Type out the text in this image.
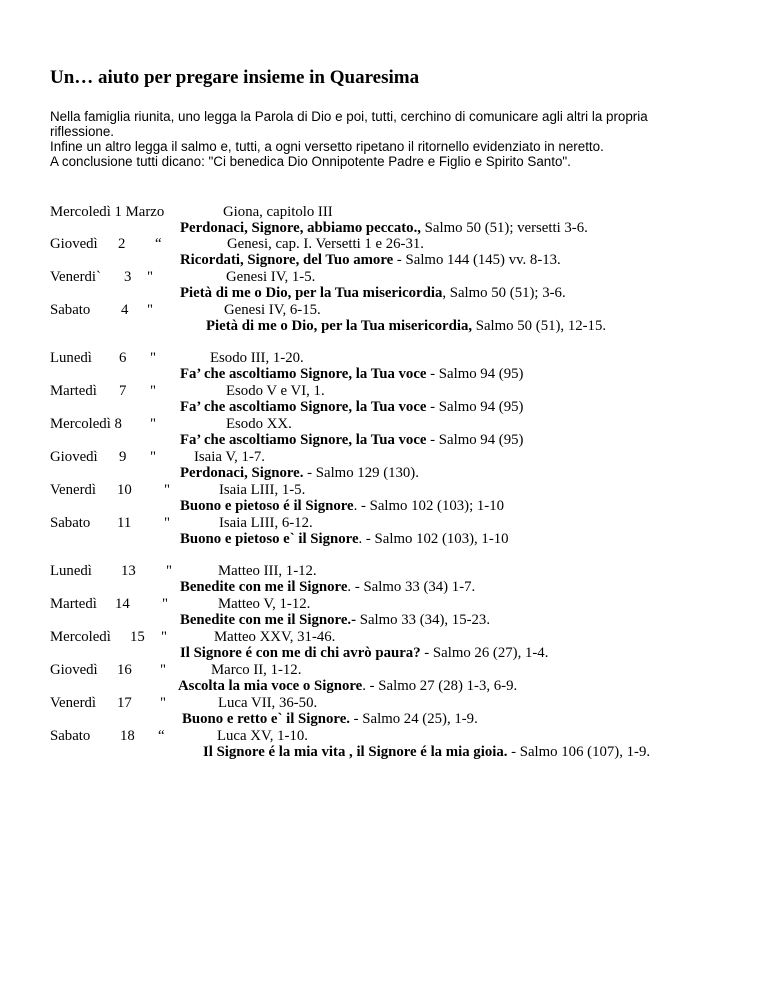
Un… aiuto per pregare insieme in Quaresima
Nella famiglia riunita, uno legga la Parola di Dio e poi, tutti, cerchino di comunicare agli altri la propria
riflessione.
Infine un altro legga il salmo e, tutti, a ogni versetto ripetano il ritornello evidenziato in neretto.
A conclusione tutti dicano: "Ci benedica Dio Onnipotente Padre e Figlio e Spirito Santo".
Mercoledì 1 Marzo	Giona, capitolo III
Perdonaci, Signore, abbiamo peccato., Salmo 50 (51); versetti 3-6.
Giovedì 2 “	Genesi, cap. I. Versetti 1 e 26-31.
Ricordati, Signore, del Tuo amore - Salmo 144 (145) vv. 8-13.
Venerdi` 3 "	Genesi IV, 1-5.
Pietà di me o Dio, per la Tua misericordia, Salmo 50 (51); 3-6.
Sabato 4 "	Genesi IV, 6-15.
Pietà di me o Dio, per la Tua misericordia, Salmo 50 (51), 12-15.
Lunedì 6 "	Esodo III, 1-20.
Fa’ che ascoltiamo Signore, la Tua voce - Salmo 94 (95)
Martedì 7 "	Esodo V e VI, 1.
Fa’ che ascoltiamo Signore, la Tua voce - Salmo 94 (95)
Mercoledì 8 "	Esodo XX.
Fa’ che ascoltiamo Signore, la Tua voce - Salmo 94 (95)
Giovedì 9 "	Isaia V, 1-7.
Perdonaci, Signore. - Salmo 129 (130).
Venerdì 10 "	Isaia LIII, 1-5.
Buono e pietoso é il Signore. - Salmo 102 (103); 1-10
Sabato 11 "	Isaia LIII, 6-12.
Buono e pietoso e` il Signore. - Salmo 102 (103), 1-10
Lunedì 13 "	Matteo III, 1-12.
Benedite con me il Signore. - Salmo 33 (34) 1-7.
Martedì 14 "	Matteo V, 1-12.
Benedite con me il Signore.- Salmo 33 (34), 15-23.
Mercoledì 15 "	Matteo XXV, 31-46.
Il Signore é con me di chi avrò paura? - Salmo 26 (27), 1-4.
Giovedì 16 "	Marco II, 1-12.
Ascolta la mia voce o Signore. - Salmo 27 (28) 1-3, 6-9.
Venerdì 17 "	Luca VII, 36-50.
Buono e retto e` il Signore. - Salmo 24 (25), 1-9.
Sabato 18 “	Luca XV, 1-10.
Il Signore é la mia vita , il Signore é la mia gioia. - Salmo 106 (107), 1-9.
